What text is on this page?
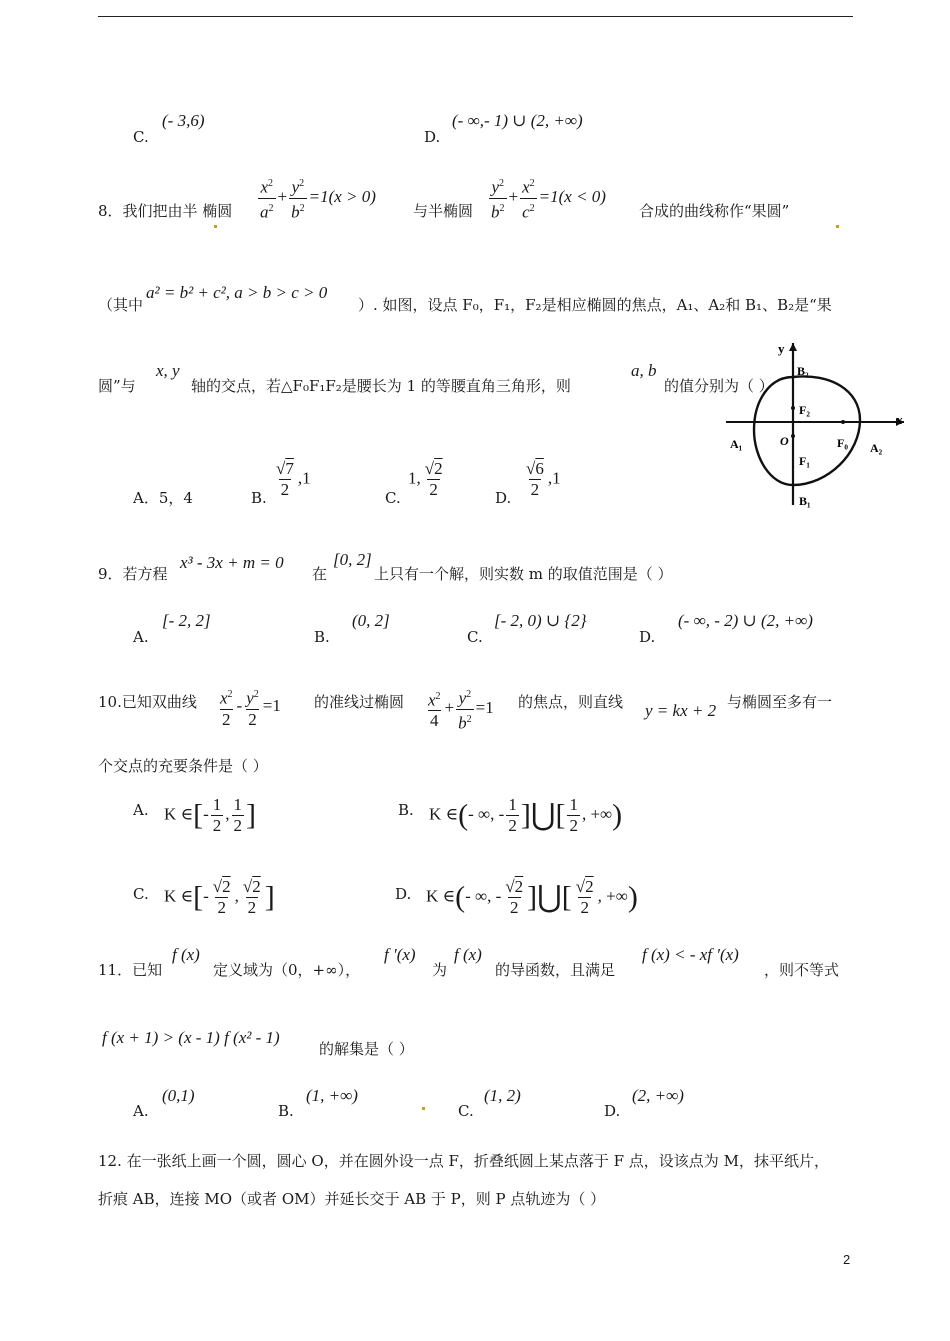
C.
(- 3,6)
D.
(- ∞,- 1) ∪ (2, +∞)
8．我们把由半 椭圆 $\frac{x^2}{a^2} + \frac{y^2}{b^2} =1(x > 0)$
与半椭圆 $\frac{y^2}{b^2} + \frac{x^2}{c^2} =1(x < 0)$
合成的曲线称作“果圆”
（其中
a² = b² + c², a > b > c > 0
）. 如图，设点 F₀，F₁，F₂是相应椭圆的焦点，A₁、A₂和 B₁、B₂是“果
圆”与
x, y
轴的交点，若△F₀F₁F₂是腰长为 1 的等腰直角三角形，则
a, b
的值分别为（ ）
y
x
O
B₂
F₂
F₁
F₀
A₁	A₂
B₁
A．5，4	B. $\frac{√7}{2} ,1$
C.
1, $\frac{√2}{2}$	D. $\frac{√6}{2} ,1$
9．若方程
x³ - 3x + m = 0
在
[0, 2]
上只有一个解，则实数 m 的取值范围是（ ）
A.
[- 2, 2]
B.
(0, 2]
C.
[- 2, 0) ∪ {2}
D.
(- ∞, - 2) ∪ (2, +∞)
10.已知双曲线 $\frac{x^2}{2} - \frac{y^2}{2} =1$ 的准线过椭圆 $\frac{x^2}{4} + \frac{y^2}{b^2} =1$ 的焦点，则直线 y = kx + 2 与椭圆至多有一
个交点的充要条件是（ ）
A. K ∈[- $\frac{1}{2}$ , $\frac{1}{2}$ ]	B. K ∈(- ∞, - $\frac{1}{2}$ ]⋃[ $\frac{1}{2}$ , +∞)
C. K ∈[- $\frac{√2}{2}$ , $\frac{√2}{2}$ ]	D. K ∈(- ∞, - $\frac{√2}{2}$ ]⋃[ $\frac{√2}{2}$ , +∞)
11．已知
f (x)
定义域为（0，+∞），
f ′(x)
为
f (x)
的导函数，且满足
f (x) < - xf ′(x)
，则不等式
f (x + 1) > (x - 1) f (x² - 1)
的解集是（ ）
A.
(0,1)
B.
(1, +∞)
C.
(1, 2)
D.
(2, +∞)
12. 在一张纸上画一个圆，圆心 O，并在圆外设一点 F，折叠纸圆上某点落于 F 点，设该点为 M，抹平纸片，
折痕 AB，连接 MO（或者 OM）并延长交于 AB 于 P，则 P 点轨迹为（ ）
2
